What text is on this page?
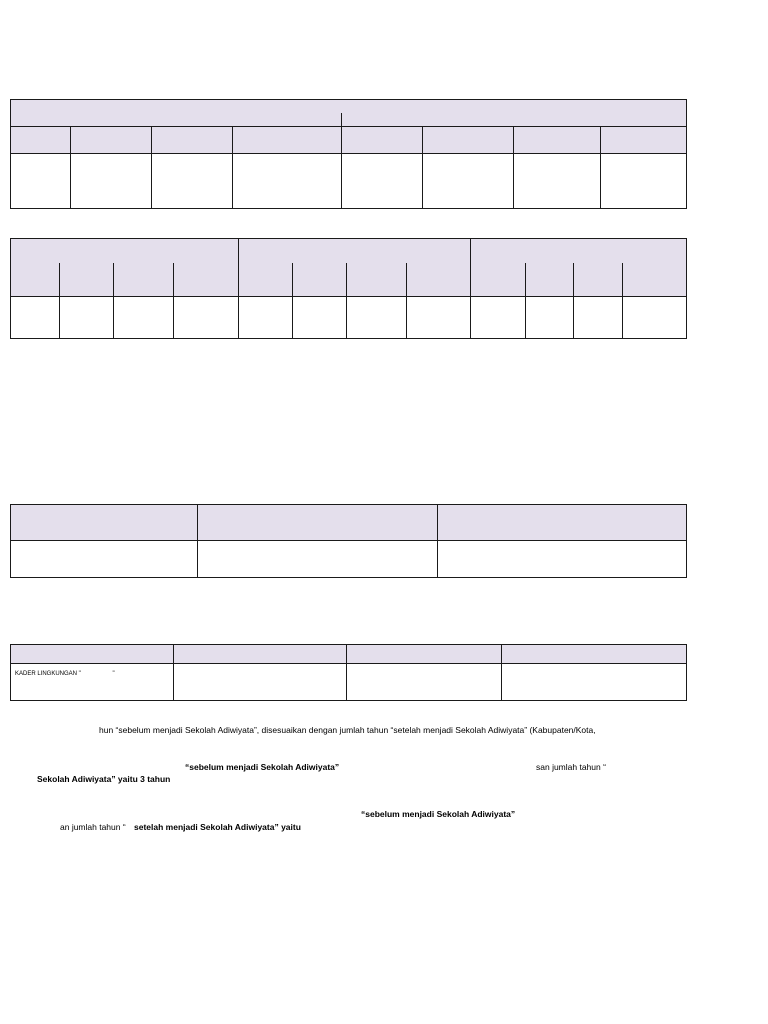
KADER LINGKUNGAN "                   "			
hun “sebelum menjadi Sekolah Adiwiyata”, disesuaikan dengan jumlah tahun “setelah menjadi Sekolah Adiwiyata” (Kabupaten/Kota,
“sebelum menjadi Sekolah Adiwiyata”	san jumlah tahun “
Sekolah Adiwiyata” yaitu 3 tahun
“sebelum menjadi Sekolah Adiwiyata”
an jumlah tahun “ setelah menjadi Sekolah Adiwiyata” yaitu
